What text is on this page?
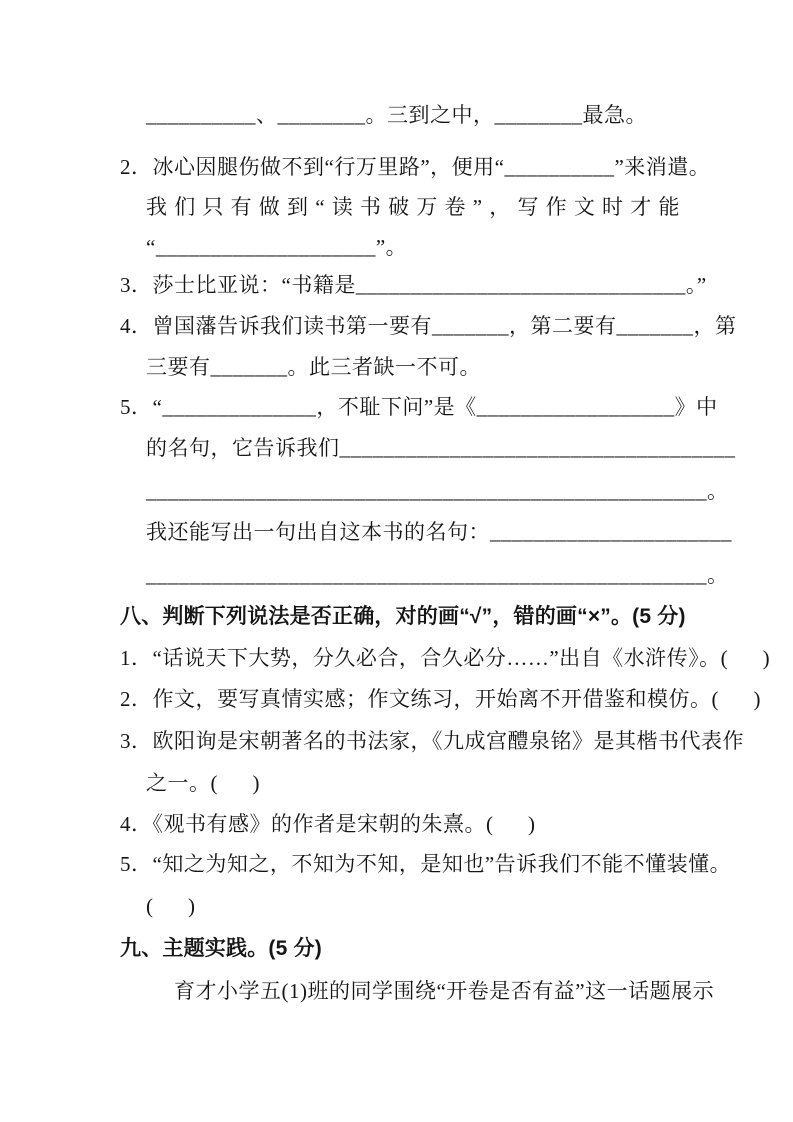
__________、________。三到之中，________最急。
2．冰心因腿伤做不到“行万里路”，便用“__________”来消遣。
我们只有做到“读书破万卷”，写作文时才能
“____________________”。
3．莎士比亚说：“书籍是______________________________。”
4．曾国藩告诉我们读书第一要有_______，第二要有_______，第
三要有_______。此三者缺一不可。
5．“______________，不耻下问”是《__________________》中
的名句，它告诉我们____________________________________
___________________________________________________。
我还能写出一句出自这本书的名句：______________________
___________________________________________________。
八、判断下列说法是否正确，对的画“√”，错的画“×”。(5 分)
1．“话说天下大势，分久必合，合久必分……”出自《水浒传》。(      )
2．作文，要写真情实感；作文练习，开始离不开借鉴和模仿。(      )
3．欧阳询是宋朝著名的书法家，《九成宫醴泉铭》是其楷书代表作
之一。(      )
4．《观书有感》的作者是宋朝的朱熹。(      )
5．“知之为知之，不知为不知，是知也”告诉我们不能不懂装懂。
(      )
九、主题实践。(5 分)
育才小学五(1)班的同学围绕“开卷是否有益”这一话题展示
